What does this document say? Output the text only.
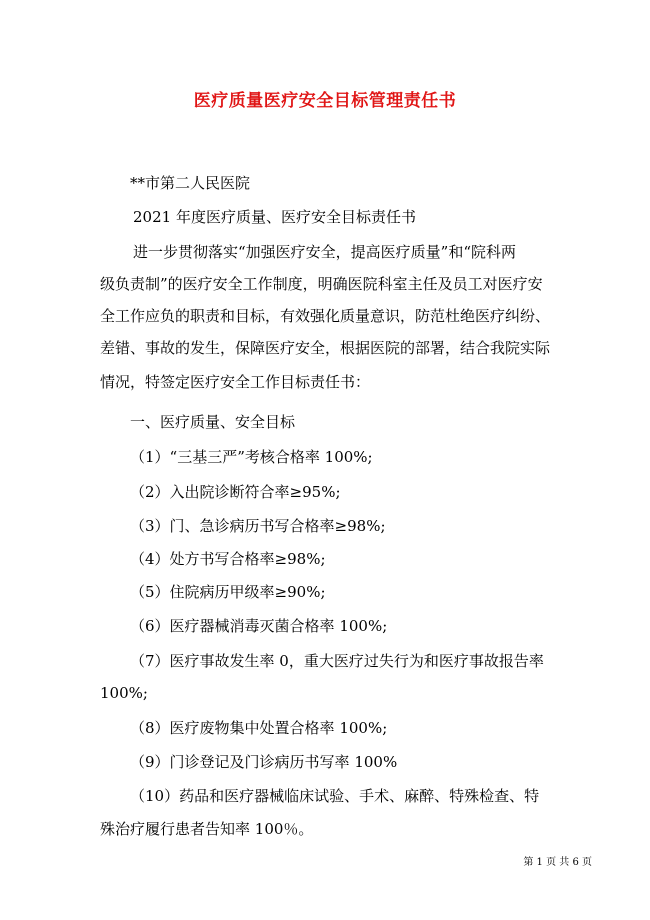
医疗质量医疗安全目标管理责任书
**市第二人民医院
2021 年度医疗质量、医疗安全目标责任书
进一步贯彻落实“加强医疗安全，提高医疗质量”和“院科两
级负责制”的医疗安全工作制度，明确医院科室主任及员工对医疗安
全工作应负的职责和目标，有效强化质量意识，防范杜绝医疗纠纷、
差错、事故的发生，保障医疗安全，根据医院的部署，结合我院实际
情况，特签定医疗安全工作目标责任书：
一、医疗质量、安全目标
（1）“三基三严”考核合格率 100%;
（2）入出院诊断符合率≥95%;
（3）门、急诊病历书写合格率≥98%;
（4）处方书写合格率≥98%;
（5）住院病历甲级率≥90%;
（6）医疗器械消毒灭菌合格率 100%;
（7）医疗事故发生率 0，重大医疗过失行为和医疗事故报告率
100%;
（8）医疗废物集中处置合格率 100%;
（9）门诊登记及门诊病历书写率 100%
（10）药品和医疗器械临床试验、手术、麻醉、特殊检查、特
殊治疗履行患者告知率 100％。
第 1 页 共 6 页
